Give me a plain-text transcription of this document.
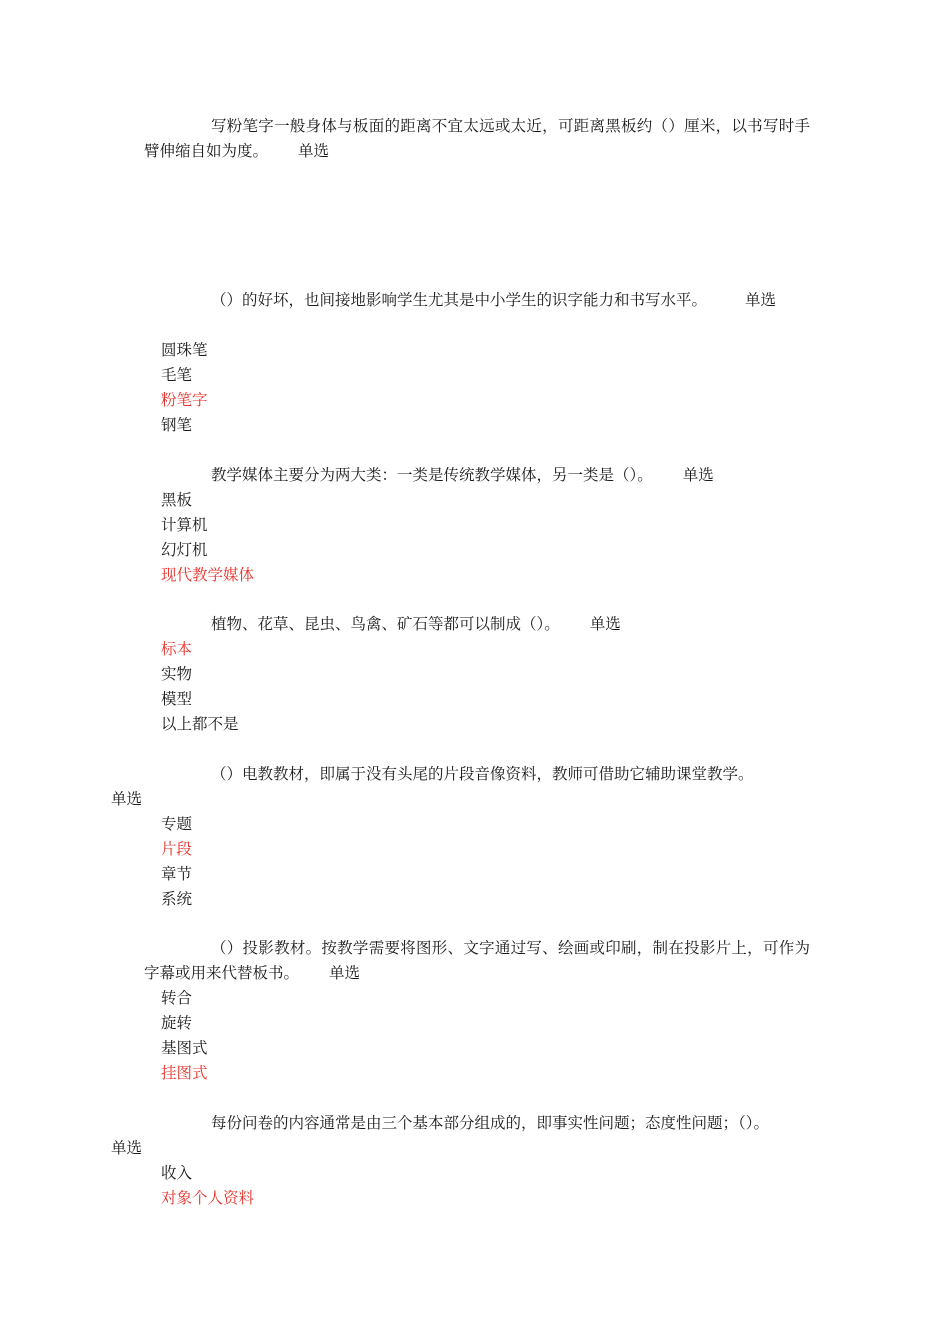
写粉笔字一般身体与板面的距离不宜太远或太近，可距离黑板约（）厘米，以书写时手臂伸缩自如为度。 单选

（）的好坏，也间接地影响学生尤其是中小学生的识字能力和书写水平。 单选

圆珠笔
毛笔
粉笔字
钢笔

教学媒体主要分为两大类：一类是传统教学媒体，另一类是（）。 单选

黑板
计算机
幻灯机
现代教学媒体

植物、花草、昆虫、鸟禽、矿石等都可以制成（）。 单选

标本
实物
模型
以上都不是

（）电教教材，即属于没有头尾的片段音像资料，教师可借助它辅助课堂教学。
单选

专题
片段
章节
系统

（）投影教材。按教学需要将图形、文字通过写、绘画或印刷，制在投影片上，可作为字幕或用来代替板书。 单选

转合
旋转
基图式
挂图式

每份问卷的内容通常是由三个基本部分组成的，即事实性问题；态度性问题；（）。
单选

收入
对象个人资料
